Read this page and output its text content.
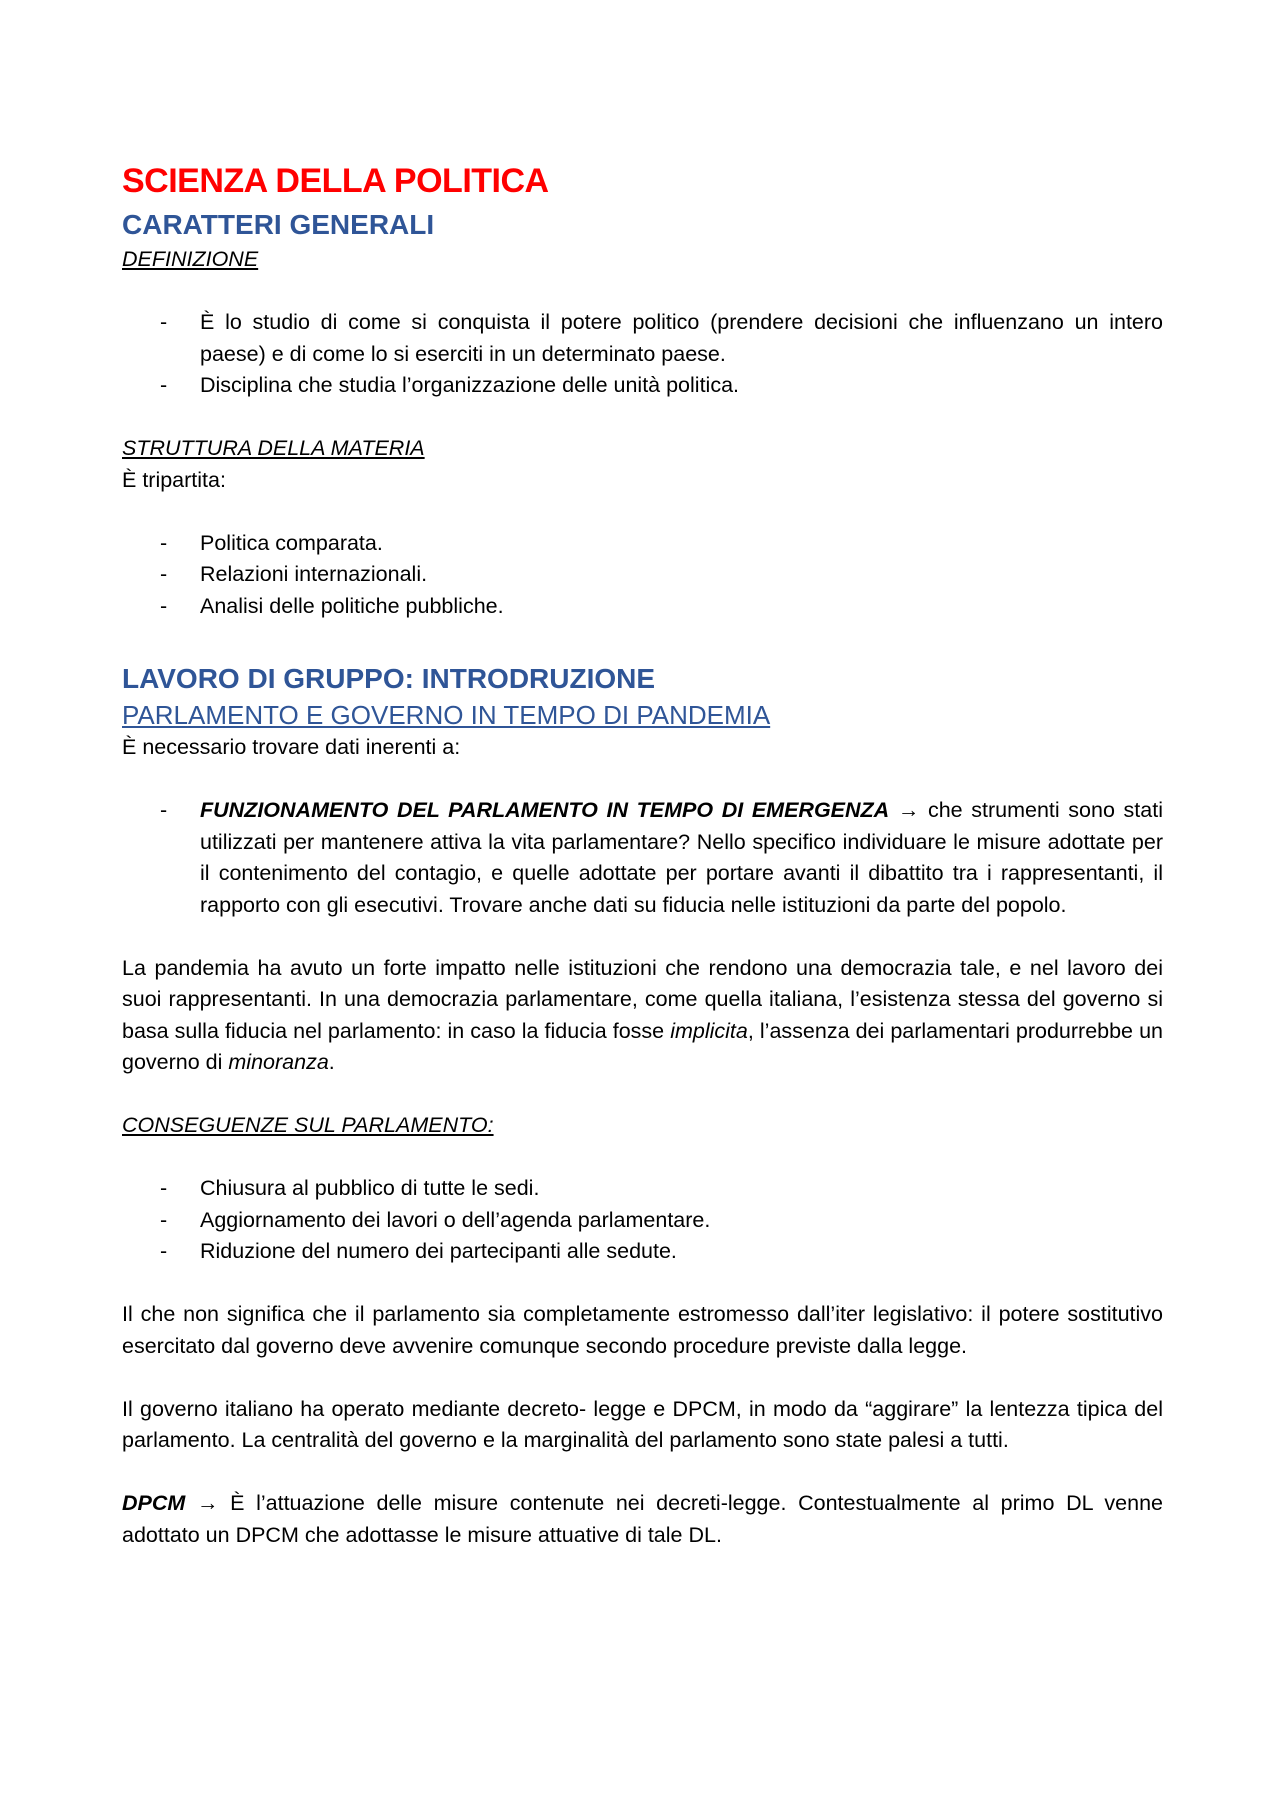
SCIENZA DELLA POLITICA
CARATTERI GENERALI
DEFINIZIONE
- È lo studio di come si conquista il potere politico (prendere decisioni che influenzano un intero paese) e di come lo si eserciti in un determinato paese.
- Disciplina che studia l’organizzazione delle unità politica.
STRUTTURA DELLA MATERIA
È tripartita:
- Politica comparata.
- Relazioni internazionali.
- Analisi delle politiche pubbliche.
LAVORO DI GRUPPO: INTRODRUZIONE
PARLAMENTO E GOVERNO IN TEMPO DI PANDEMIA
È necessario trovare dati inerenti a:
- FUNZIONAMENTO DEL PARLAMENTO IN TEMPO DI EMERGENZA → che strumenti sono stati utilizzati per mantenere attiva la vita parlamentare? Nello specifico individuare le misure adottate per il contenimento del contagio, e quelle adottate per portare avanti il dibattito tra i rappresentanti, il rapporto con gli esecutivi. Trovare anche dati su fiducia nelle istituzioni da parte del popolo.

La pandemia ha avuto un forte impatto nelle istituzioni che rendono una democrazia tale, e nel lavoro dei suoi rappresentanti. In una democrazia parlamentare, come quella italiana, l’esistenza stessa del governo si basa sulla fiducia nel parlamento: in caso la fiducia fosse implicita, l’assenza dei parlamentari produrrebbe un governo di minoranza.

CONSEGUENZE SUL PARLAMENTO:
- Chiusura al pubblico di tutte le sedi.
- Aggiornamento dei lavori o dell’agenda parlamentare.
- Riduzione del numero dei partecipanti alle sedute.

Il che non significa che il parlamento sia completamente estromesso dall’iter legislativo: il potere sostitutivo esercitato dal governo deve avvenire comunque secondo procedure previste dalla legge.

Il governo italiano ha operato mediante decreto- legge e DPCM, in modo da “aggirare” la lentezza tipica del parlamento. La centralità del governo e la marginalità del parlamento sono state palesi a tutti.

DPCM → È l’attuazione delle misure contenute nei decreti-legge. Contestualmente al primo DL venne adottato un DPCM che adottasse le misure attuative di tale DL.
